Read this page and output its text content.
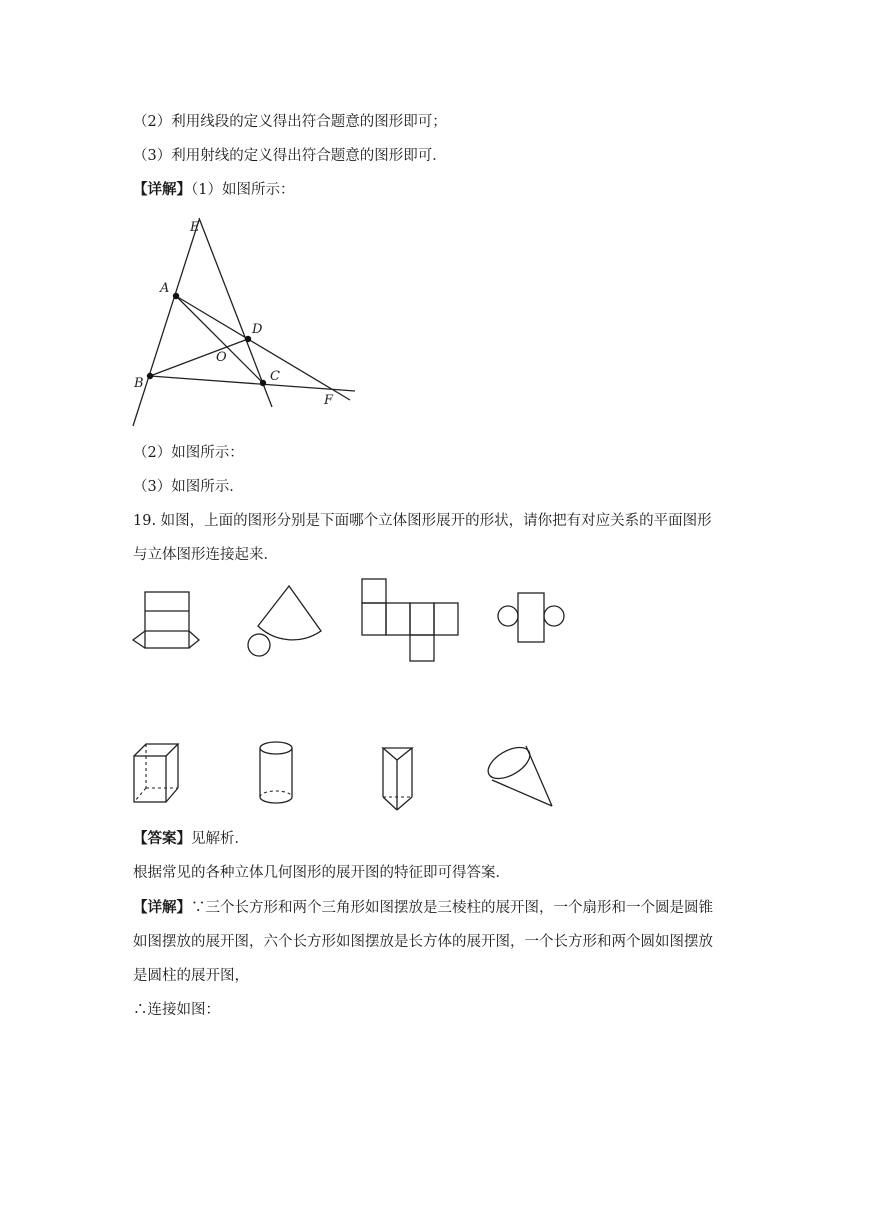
（2）利用线段的定义得出符合题意的图形即可；
（3）利用射线的定义得出符合题意的图形即可．
【详解】（1）如图所示：
E
A
D
O
B	C
F
（2）如图所示：
（3）如图所示．
19. 如图，上面的图形分别是下面哪个立体图形展开的形状，请你把有对应关系的平面图形
与立体图形连接起来．
【答案】见解析．
根据常见的各种立体几何图形的展开图的特征即可得答案．
【详解】∵三个长方形和两个三角形如图摆放是三棱柱的展开图，一个扇形和一个圆是圆锥
如图摆放的展开图，六个长方形如图摆放是长方体的展开图，一个长方形和两个圆如图摆放
是圆柱的展开图，
∴连接如图：
